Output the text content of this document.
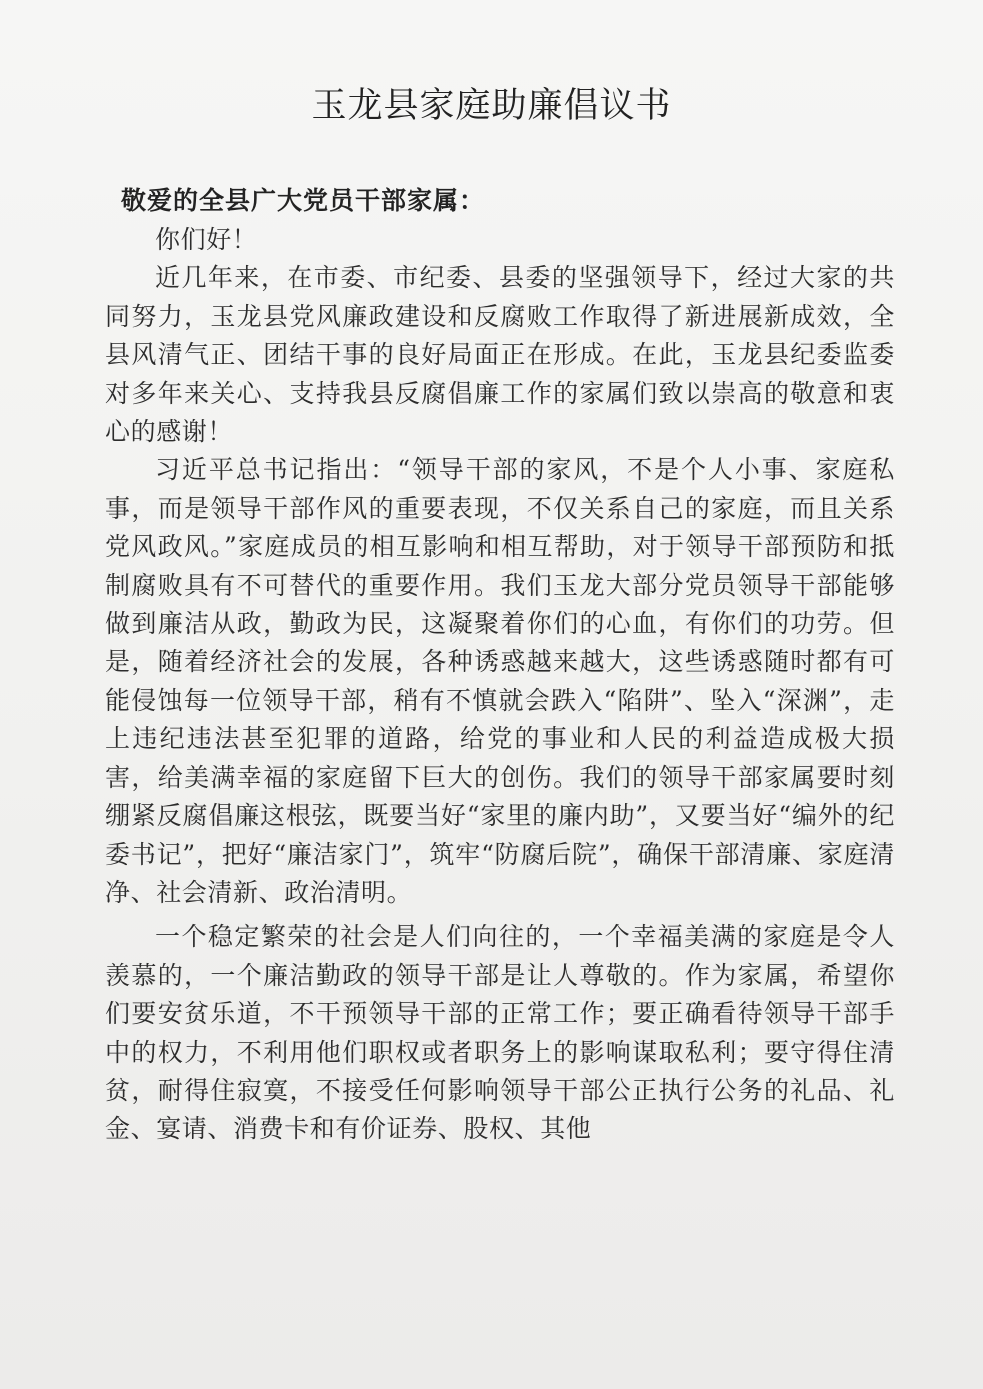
玉龙县家庭助廉倡议书
敬爱的全县广大党员干部家属：

你们好！

近几年来，在市委、市纪委、县委的坚强领导下，经过大家的共同努力，玉龙县党风廉政建设和反腐败工作取得了新进展新成效，全县风清气正、团结干事的良好局面正在形成。在此，玉龙县纪委监委对多年来关心、支持我县反腐倡廉工作的家属们致以崇高的敬意和衷心的感谢！

习近平总书记指出：“领导干部的家风，不是个人小事、家庭私事，而是领导干部作风的重要表现，不仅关系自己的家庭，而且关系党风政风。”家庭成员的相互影响和相互帮助，对于领导干部预防和抵制腐败具有不可替代的重要作用。我们玉龙大部分党员领导干部能够做到廉洁从政，勤政为民，这凝聚着你们的心血，有你们的功劳。但是，随着经济社会的发展，各种诱惑越来越大，这些诱惑随时都有可能侵蚀每一位领导干部，稍有不慎就会跌入“陷阱”、坠入“深渊”，走上违纪违法甚至犯罪的道路，给党的事业和人民的利益造成极大损害，给美满幸福的家庭留下巨大的创伤。我们的领导干部家属要时刻绷紧反腐倡廉这根弦，既要当好“家里的廉内助”，又要当好“编外的纪委书记”，把好“廉洁家门”，筑牢“防腐后院”，确保干部清廉、家庭清净、社会清新、政治清明。

一个稳定繁荣的社会是人们向往的，一个幸福美满的家庭是令人羡慕的，一个廉洁勤政的领导干部是让人尊敬的。作为家属，希望你们要安贫乐道，不干预领导干部的正常工作；要正确看待领导干部手中的权力，不利用他们职权或者职务上的影响谋取私利；要守得住清贫，耐得住寂寞，不接受任何影响领导干部公正执行公务的礼品、礼金、宴请、消费卡和有价证券、股权、其他
